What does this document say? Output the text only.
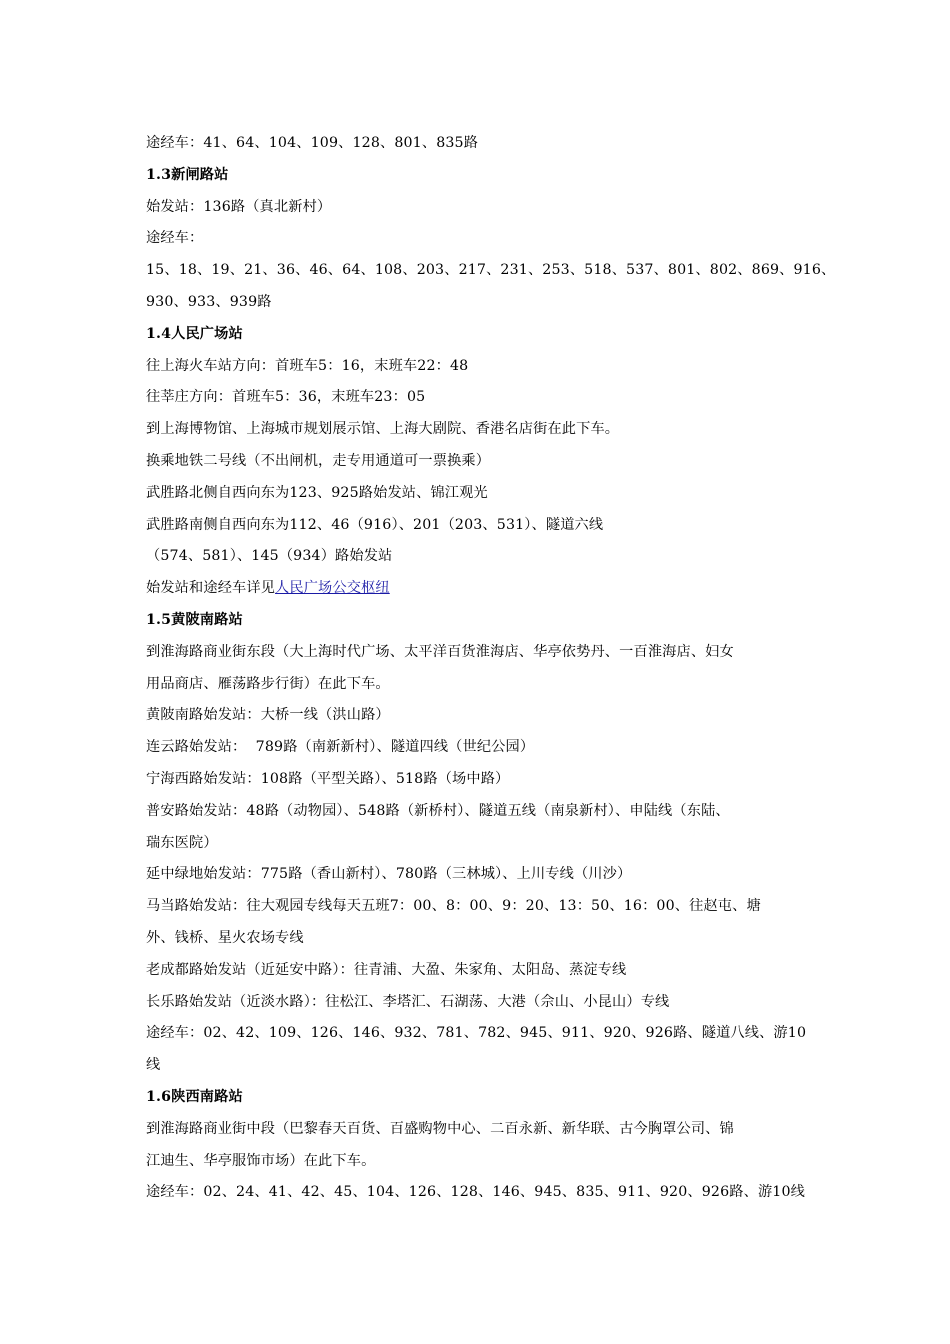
途经车：41、64、104、109、128、801、835路
1.3新闸路站
始发站：136路（真北新村）
途经车：
15、18、19、21、36、46、64、108、203、217、231、253、518、537、801、802、869、916、
930、933、939路
1.4人民广场站
往上海火车站方向：首班车5：16，末班车22：48
往莘庄方向：首班车5：36，末班车23：05
到上海博物馆、上海城市规划展示馆、上海大剧院、香港名店街在此下车。
换乘地铁二号线（不出闸机，走专用通道可一票换乘）
武胜路北侧自西向东为123、925路始发站、锦江观光
武胜路南侧自西向东为112、46（916）、201（203、531）、隧道六线
（574、581）、145（934）路始发站
始发站和途经车详见人民广场公交枢纽
1.5黄陂南路站
到淮海路商业街东段（大上海时代广场、太平洋百货淮海店、华亭依势丹、一百淮海店、妇女
用品商店、雁荡路步行街）在此下车。
黄陂南路始发站：大桥一线（洪山路）
连云路始发站：  789路（南新新村）、隧道四线（世纪公园）
宁海西路始发站：108路（平型关路）、518路（场中路）
普安路始发站：48路（动物园）、548路（新桥村）、隧道五线（南泉新村）、申陆线（东陆、
瑞东医院）
延中绿地始发站：775路（香山新村）、780路（三林城）、上川专线（川沙）
马当路始发站：往大观园专线每天五班7：00、8：00、9：20、13：50、16：00、往赵屯、塘
外、钱桥、星火农场专线
老成都路始发站（近延安中路）：往青浦、大盈、朱家角、太阳岛、蒸淀专线
长乐路始发站（近淡水路）：往松江、李塔汇、石湖荡、大港（佘山、小昆山）专线
途经车：02、42、109、126、146、932、781、782、945、911、920、926路、隧道八线、游10
线
1.6陕西南路站
到淮海路商业街中段（巴黎春天百货、百盛购物中心、二百永新、新华联、古今胸罩公司、锦
江迪生、华亭服饰市场）在此下车。
途经车：02、24、41、42、45、104、126、128、146、945、835、911、920、926路、游10线
